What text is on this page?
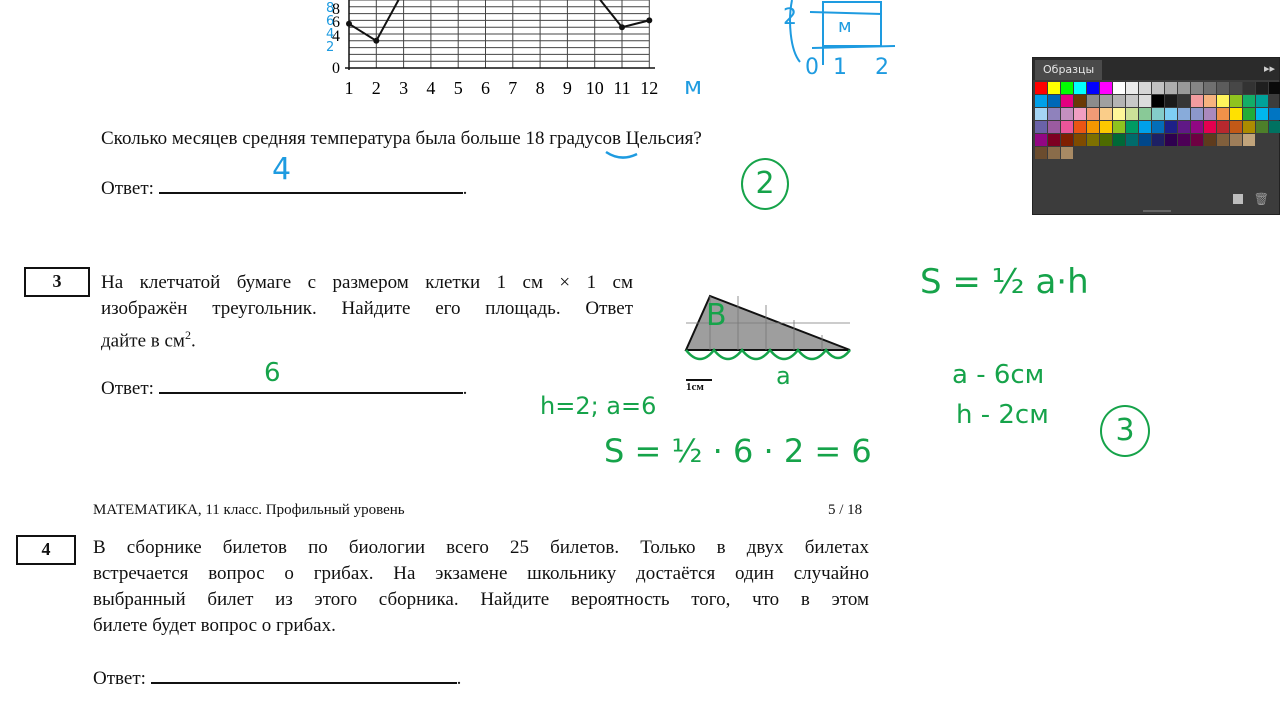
1 2 3 4 5 6 7 8 9 10 11 12
8
6
4
0
8 6 4 2
м
2 м
0  1    2
Сколько месяцев средняя температура была больше 18 градусов Цельсия?
Ответ:	.
4	2
3	На клетчатой бумаге с размером клетки 1 см × 1 см
изображён треугольник. Найдите его площадь. Ответ
дайте в $см^2$.
Ответ:	.
6	1см
B
a
S = ½ a·h
a - 6см
h - 2см	3
h=2; a=6
S = ½ · 6 · 2 = 6
МАТЕМАТИКА, 11 класс. Профильный уровень	5 / 18
4	В сборнике билетов по биологии всего 25 билетов. Только в двух билетах
встречается вопрос о грибах. На экзамене школьнику достаётся один случайно
выбранный билет из этого сборника. Найдите вероятность того, что в этом
билете будет вопрос о грибах.
Ответ:	.
Образцы	▸▸
🗑
